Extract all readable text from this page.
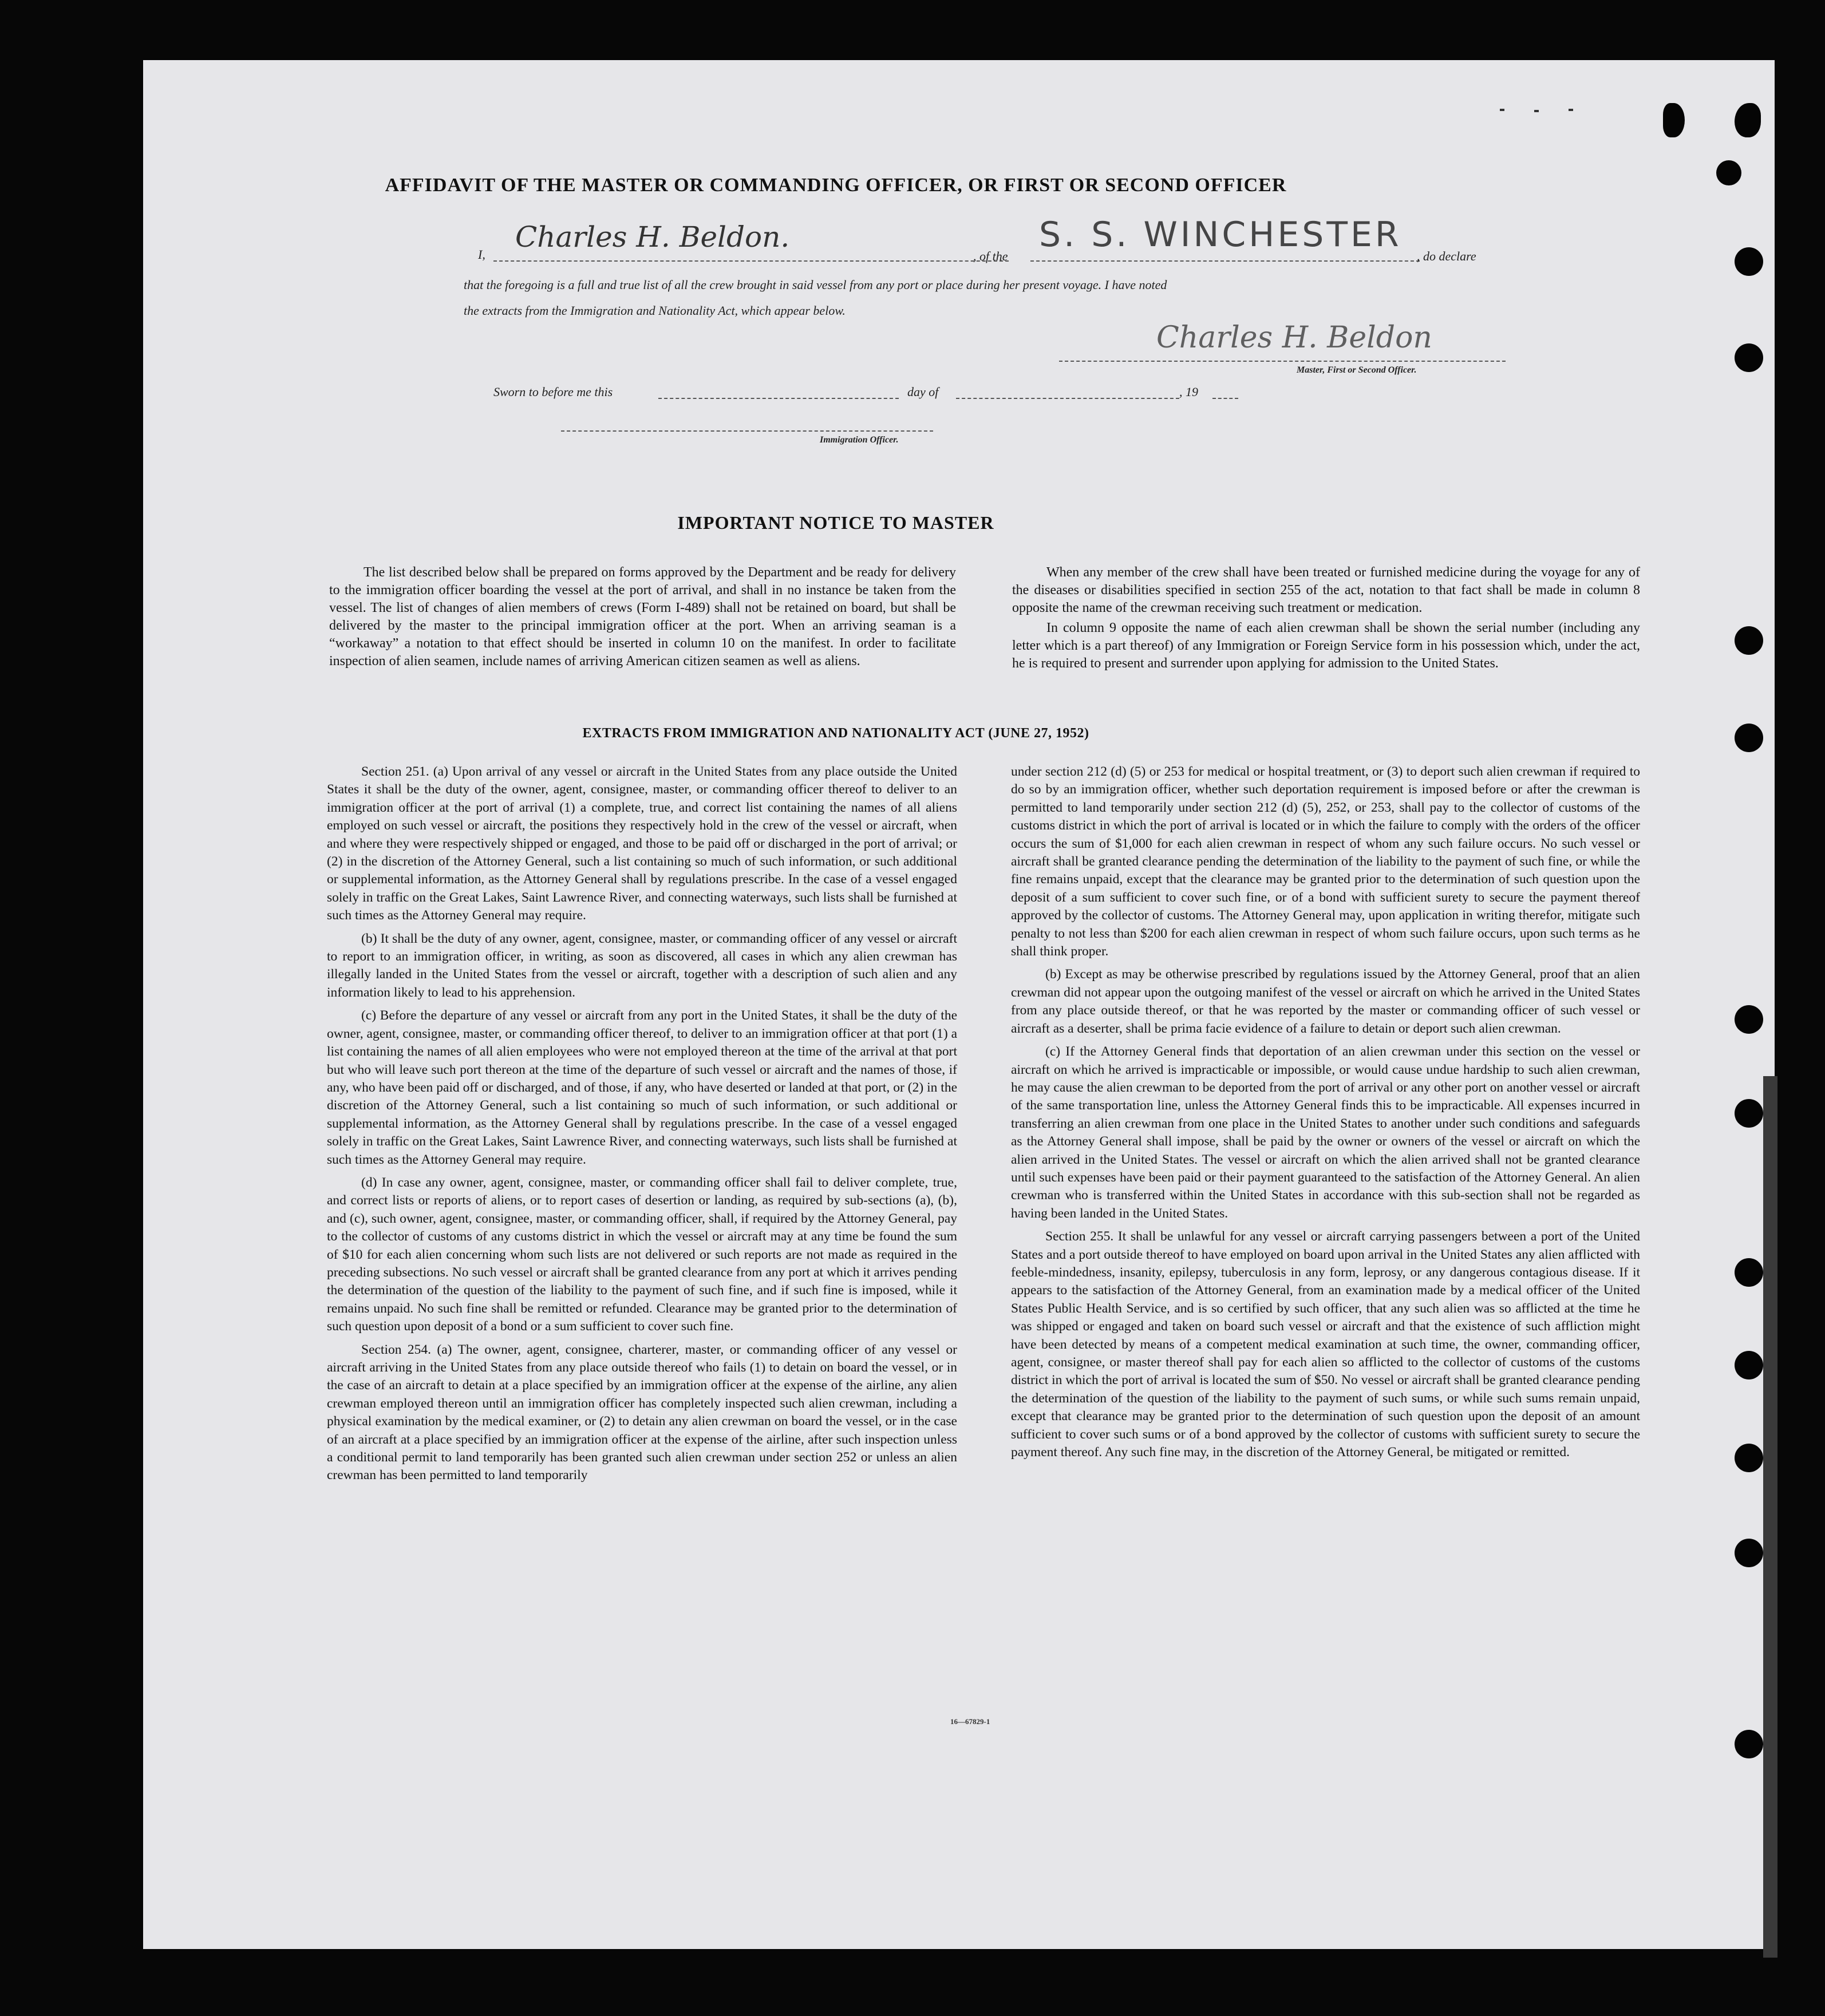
AFFIDAVIT OF THE MASTER OR COMMANDING OFFICER, OR FIRST OR SECOND OFFICER
I,
Charles H. Beldon.
, of the
S. S. WINCHESTER
, do declare
that the foregoing is a full and true list of all the crew brought in said vessel from any port or place during her present voyage. I have noted
the extracts from the Immigration and Nationality Act, which appear below.
Charles H. Beldon
Master, First or Second Officer.
Sworn to before me this	day of	, 19
Immigration Officer.
IMPORTANT NOTICE TO MASTER

The list described below shall be prepared on forms approved by the Department and be ready for delivery to the immigration officer boarding the vessel at the port of arrival, and shall in no instance be taken from the vessel. The list of changes of alien members of crews (Form I-489) shall not be retained on board, but shall be delivered by the master to the principal immigration officer at the port. When an arriving seaman is a “workaway” a notation to that effect should be inserted in column 10 on the manifest. In order to facilitate inspection of alien seamen, include names of arriving American citizen seamen as well as aliens.

When any member of the crew shall have been treated or furnished medicine during the voyage for any of the diseases or disabilities specified in section 255 of the act, notation to that fact shall be made in column 8 opposite the name of the crewman receiving such treatment or medication.

In column 9 opposite the name of each alien crewman shall be shown the serial number (including any letter which is a part thereof) of any Immigration or Foreign Service form in his possession which, under the act, he is required to present and surrender upon applying for admission to the United States.

EXTRACTS FROM IMMIGRATION AND NATIONALITY ACT (JUNE 27, 1952)

Section 251. (a) Upon arrival of any vessel or aircraft in the United States from any place outside the United States it shall be the duty of the owner, agent, consignee, master, or commanding officer thereof to deliver to an immigration officer at the port of arrival (1) a complete, true, and correct list containing the names of all aliens employed on such vessel or aircraft, the positions they respectively hold in the crew of the vessel or aircraft, when and where they were respectively shipped or engaged, and those to be paid off or discharged in the port of arrival; or (2) in the discretion of the Attorney General, such a list containing so much of such information, or such additional or supplemental information, as the Attorney General shall by regulations prescribe. In the case of a vessel engaged solely in traffic on the Great Lakes, Saint Lawrence River, and connecting waterways, such lists shall be furnished at such times as the Attorney General may require.

(b) It shall be the duty of any owner, agent, consignee, master, or commanding officer of any vessel or aircraft to report to an immigration officer, in writing, as soon as discovered, all cases in which any alien crewman has illegally landed in the United States from the vessel or aircraft, together with a description of such alien and any information likely to lead to his apprehension.

(c) Before the departure of any vessel or aircraft from any port in the United States, it shall be the duty of the owner, agent, consignee, master, or commanding officer thereof, to deliver to an immigration officer at that port (1) a list containing the names of all alien employees who were not employed thereon at the time of the arrival at that port but who will leave such port thereon at the time of the departure of such vessel or aircraft and the names of those, if any, who have been paid off or discharged, and of those, if any, who have deserted or landed at that port, or (2) in the discretion of the Attorney General, such a list containing so much of such information, or such additional or supplemental information, as the Attorney General shall by regulations prescribe. In the case of a vessel engaged solely in traffic on the Great Lakes, Saint Lawrence River, and connecting waterways, such lists shall be furnished at such times as the Attorney General may require.

(d) In case any owner, agent, consignee, master, or commanding officer shall fail to deliver complete, true, and correct lists or reports of aliens, or to report cases of desertion or landing, as required by sub-sections (a), (b), and (c), such owner, agent, consignee, master, or commanding officer, shall, if required by the Attorney General, pay to the collector of customs of any customs district in which the vessel or aircraft may at any time be found the sum of $10 for each alien concerning whom such lists are not delivered or such reports are not made as required in the preceding subsections. No such vessel or aircraft shall be granted clearance from any port at which it arrives pending the determination of the question of the liability to the payment of such fine, and if such fine is imposed, while it remains unpaid. No such fine shall be remitted or refunded. Clearance may be granted prior to the determination of such question upon deposit of a bond or a sum sufficient to cover such fine.

Section 254. (a) The owner, agent, consignee, charterer, master, or commanding officer of any vessel or aircraft arriving in the United States from any place outside thereof who fails (1) to detain on board the vessel, or in the case of an aircraft to detain at a place specified by an immigration officer at the expense of the airline, any alien crewman employed thereon until an immigration officer has completely inspected such alien crewman, including a physical examination by the medical examiner, or (2) to detain any alien crewman on board the vessel, or in the case of an aircraft at a place specified by an immigration officer at the expense of the airline, after such inspection unless a conditional permit to land temporarily has been granted such alien crewman under section 252 or unless an alien crewman has been permitted to land temporarily

under section 212 (d) (5) or 253 for medical or hospital treatment, or (3) to deport such alien crewman if required to do so by an immigration officer, whether such deportation requirement is imposed before or after the crewman is permitted to land temporarily under section 212 (d) (5), 252, or 253, shall pay to the collector of customs of the customs district in which the port of arrival is located or in which the failure to comply with the orders of the officer occurs the sum of $1,000 for each alien crewman in respect of whom any such failure occurs. No such vessel or aircraft shall be granted clearance pending the determination of the liability to the payment of such fine, or while the fine remains unpaid, except that the clearance may be granted prior to the determination of such question upon the deposit of a sum sufficient to cover such fine, or of a bond with sufficient surety to secure the payment thereof approved by the collector of customs. The Attorney General may, upon application in writing therefor, mitigate such penalty to not less than $200 for each alien crewman in respect of whom such failure occurs, upon such terms as he shall think proper.

(b) Except as may be otherwise prescribed by regulations issued by the Attorney General, proof that an alien crewman did not appear upon the outgoing manifest of the vessel or aircraft on which he arrived in the United States from any place outside thereof, or that he was reported by the master or commanding officer of such vessel or aircraft as a deserter, shall be prima facie evidence of a failure to detain or deport such alien crewman.

(c) If the Attorney General finds that deportation of an alien crewman under this section on the vessel or aircraft on which he arrived is impracticable or impossible, or would cause undue hardship to such alien crewman, he may cause the alien crewman to be deported from the port of arrival or any other port on another vessel or aircraft of the same transportation line, unless the Attorney General finds this to be impracticable. All expenses incurred in transferring an alien crewman from one place in the United States to another under such conditions and safeguards as the Attorney General shall impose, shall be paid by the owner or owners of the vessel or aircraft on which the alien arrived in the United States. The vessel or aircraft on which the alien arrived shall not be granted clearance until such expenses have been paid or their payment guaranteed to the satisfaction of the Attorney General. An alien crewman who is transferred within the United States in accordance with this sub-section shall not be regarded as having been landed in the United States.

Section 255. It shall be unlawful for any vessel or aircraft carrying passengers between a port of the United States and a port outside thereof to have employed on board upon arrival in the United States any alien afflicted with feeble-mindedness, insanity, epilepsy, tuberculosis in any form, leprosy, or any dangerous contagious disease. If it appears to the satisfaction of the Attorney General, from an examination made by a medical officer of the United States Public Health Service, and is so certified by such officer, that any such alien was so afflicted at the time he was shipped or engaged and taken on board such vessel or aircraft and that the existence of such affliction might have been detected by means of a competent medical examination at such time, the owner, commanding officer, agent, consignee, or master thereof shall pay for each alien so afflicted to the collector of customs of the customs district in which the port of arrival is located the sum of $50. No vessel or aircraft shall be granted clearance pending the determination of the question of the liability to the payment of such sums, or while such sums remain unpaid, except that clearance may be granted prior to the determination of such question upon the deposit of an amount sufficient to cover such sums or of a bond approved by the collector of customs with sufficient surety to secure the payment thereof. Any such fine may, in the discretion of the Attorney General, be mitigated or remitted.

16—67829-1
